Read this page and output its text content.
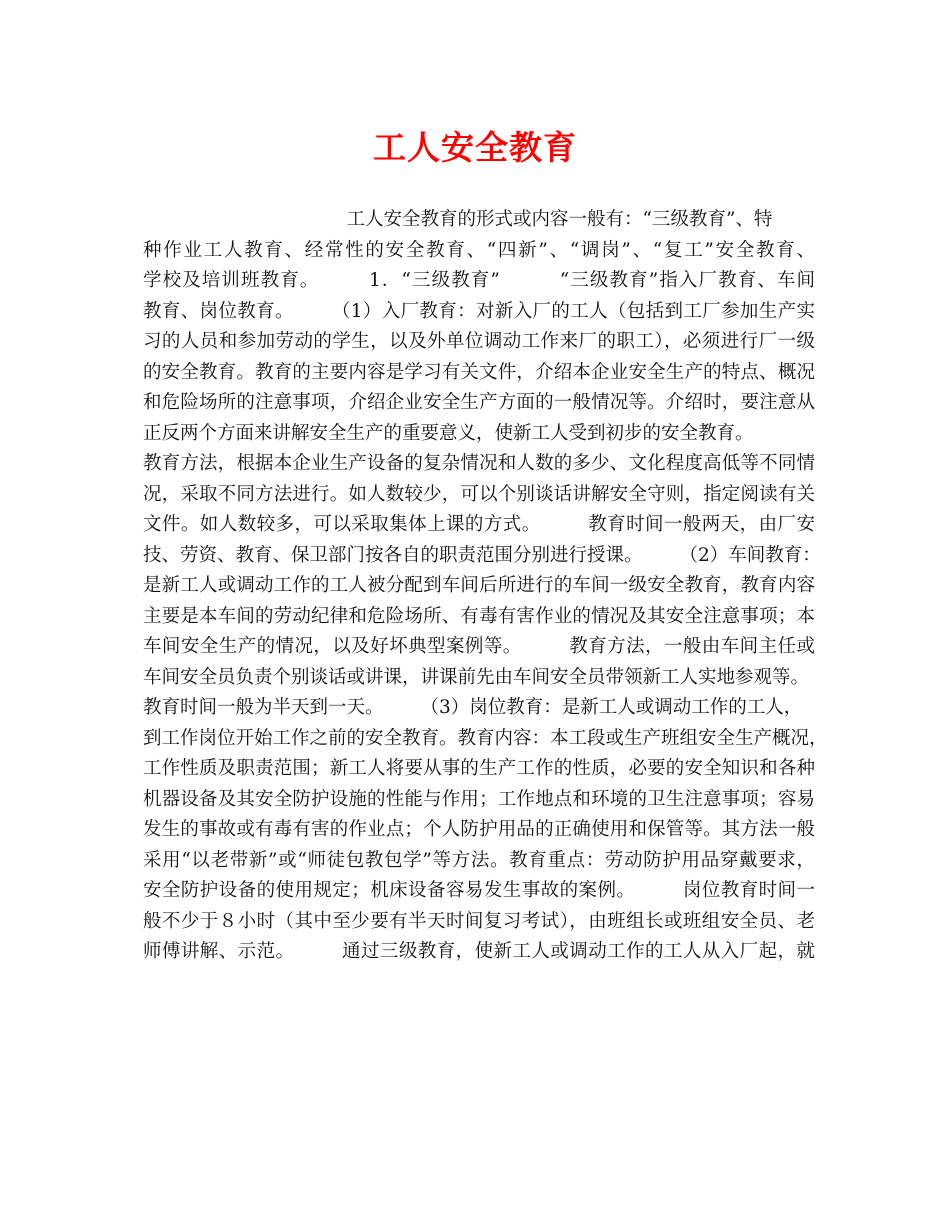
工人安全教育
　　　　　　　　　　　工人安全教育的形式或内容一般有：“三级教育”、特
种作业工人教育、经常性的安全教育、“四新”、“调岗”、“复工”安全教育、
学校及培训班教育。　　　1．“三级教育”　　　“三级教育”指入厂教育、车间
教育、岗位教育。　　　（1）入厂教育：对新入厂的工人（包括到工厂参加生产实
习的人员和参加劳动的学生，以及外单位调动工作来厂的职工），必须进行厂一级
的安全教育。教育的主要内容是学习有关文件，介绍本企业安全生产的特点、概况
和危险场所的注意事项，介绍企业安全生产方面的一般情况等。介绍时，要注意从
正反两个方面来讲解安全生产的重要意义，使新工人受到初步的安全教育。
教育方法，根据本企业生产设备的复杂情况和人数的多少、文化程度高低等不同情
况，采取不同方法进行。如人数较少，可以个别谈话讲解安全守则，指定阅读有关
文件。如人数较多，可以采取集体上课的方式。　　　教育时间一般两天，由厂安
技、劳资、教育、保卫部门按各自的职责范围分别进行授课。　　　（2）车间教育：
是新工人或调动工作的工人被分配到车间后所进行的车间一级安全教育，教育内容
主要是本车间的劳动纪律和危险场所、有毒有害作业的情况及其安全注意事项；本
车间安全生产的情况，以及好坏典型案例等。　　　教育方法，一般由车间主任或
车间安全员负责个别谈话或讲课，讲课前先由车间安全员带领新工人实地参观等。
教育时间一般为半天到一天。　　　（3）岗位教育：是新工人或调动工作的工人，
到工作岗位开始工作之前的安全教育。教育内容：本工段或生产班组安全生产概况，
工作性质及职责范围；新工人将要从事的生产工作的性质，必要的安全知识和各种
机器设备及其安全防护设施的性能与作用；工作地点和环境的卫生注意事项；容易
发生的事故或有毒有害的作业点；个人防护用品的正确使用和保管等。其方法一般
采用“以老带新”或“师徒包教包学”等方法。教育重点：劳动防护用品穿戴要求，
安全防护设备的使用规定；机床设备容易发生事故的案例。　　　岗位教育时间一
般不少于８小时（其中至少要有半天时间复习考试），由班组长或班组安全员、老
师傅讲解、示范。　　　通过三级教育，使新工人或调动工作的工人从入厂起，就
